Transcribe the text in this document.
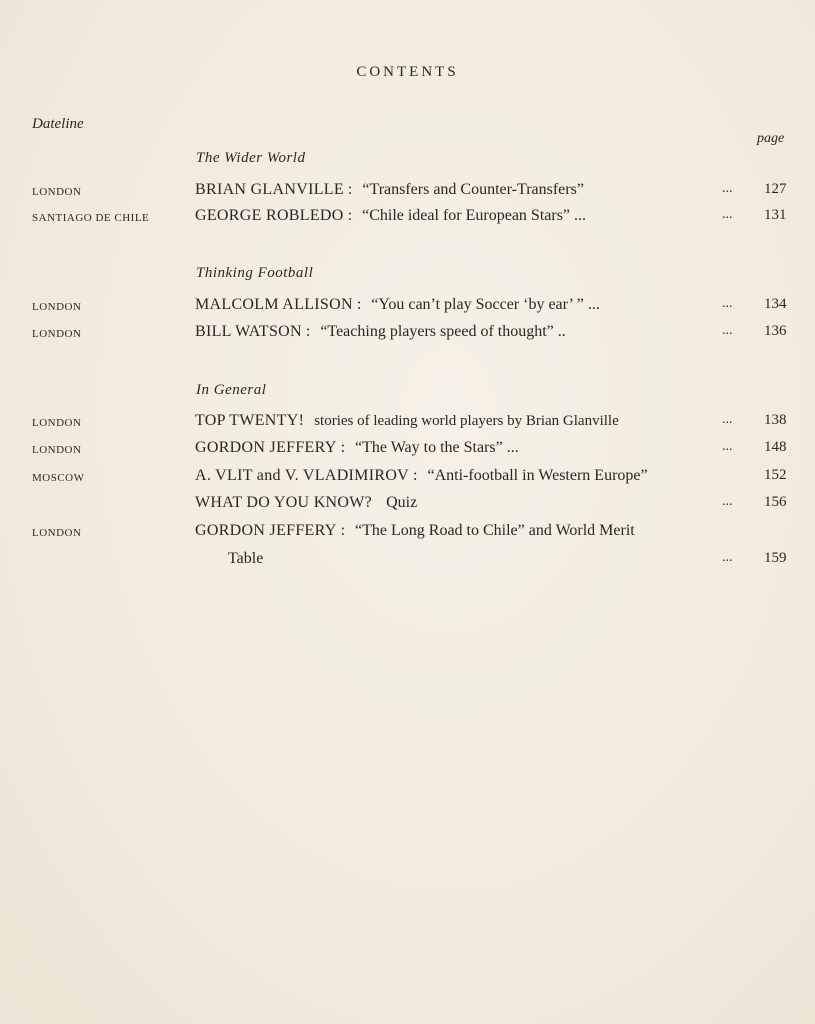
CONTENTS
Dateline
page
The Wider World
LONDON	BRIAN GLANVILLE : “Transfers and Counter-Transfers”	... 127
SANTIAGO DE CHILE	GEORGE ROBLEDO : “Chile ideal for European Stars” ...	... 131
Thinking Football
LONDON	MALCOLM ALLISON : “You can’t play Soccer ‘by ear’ ” ...	... 134
LONDON	BILL WATSON : “Teaching players speed of thought” ..	... 136
In General
LONDON	TOP TWENTY! stories of leading world players by Brian Glanville	... 138
LONDON	GORDON JEFFERY : “The Way to the Stars” ...	... 148
MOSCOW	A. VLIT and V. VLADIMIROV : “Anti-football in Western Europe”	152
WHAT DO YOU KNOW? Quiz	... 156
LONDON	GORDON JEFFERY : “The Long Road to Chile” and World Merit
Table	... 159
